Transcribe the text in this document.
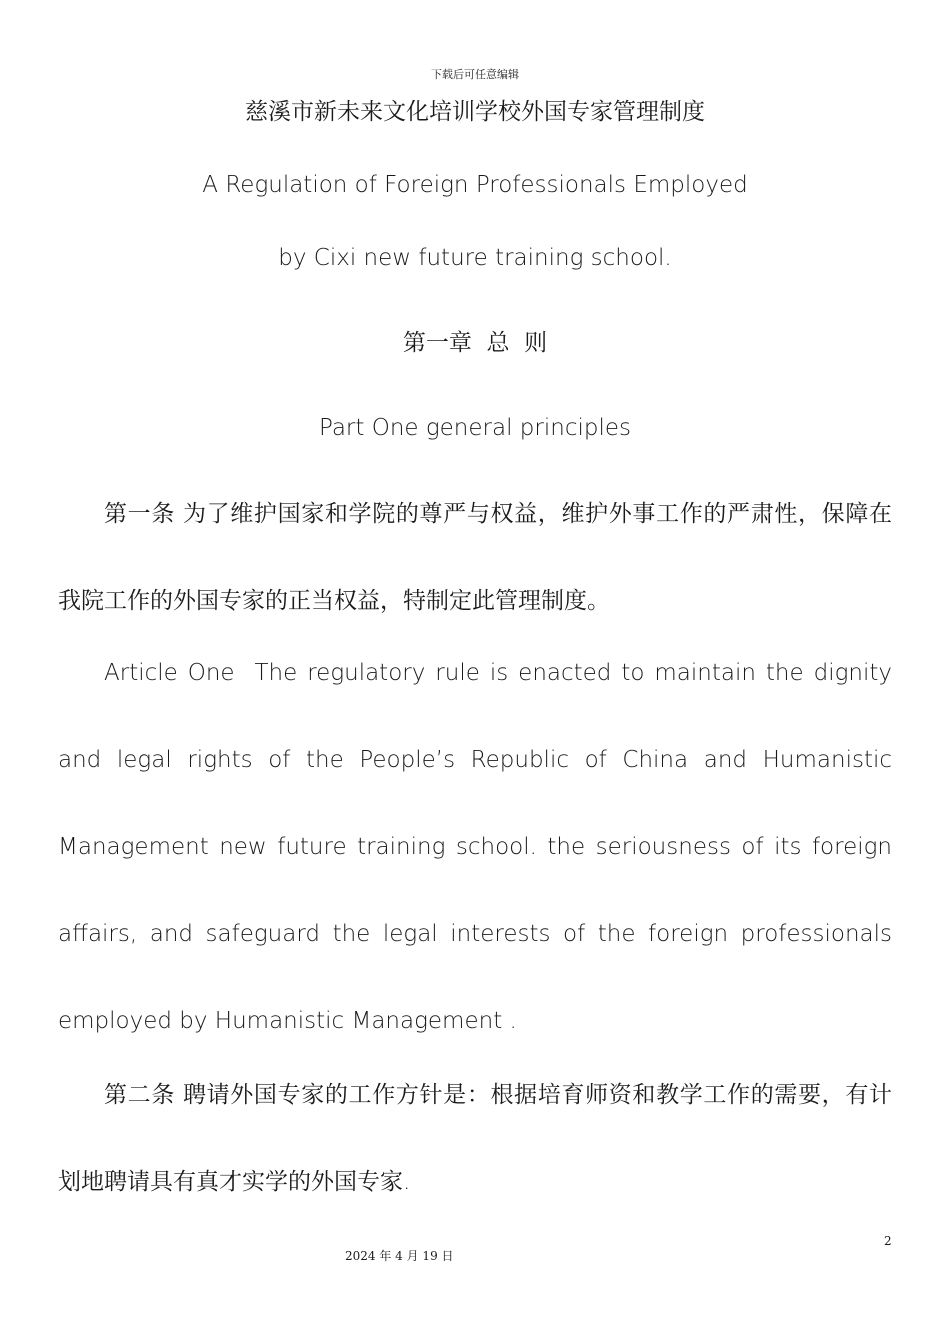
下载后可任意编辑
慈溪市新未来文化培训学校外国专家管理制度
A Regulation of Foreign Professionals Employed
by Cixi new future training school.
第一章  总  则
Part One general principles
第一条 为了维护国家和学院的尊严与权益，维护外事工作的严肃性，保障在我院工作的外国专家的正当权益，特制定此管理制度。
Article One  The regulatory rule is enacted to maintain the dignity and legal rights of the People’s Republic of China and Humanistic Management new future training school. the seriousness of its foreign affairs, and safeguard the legal interests of the foreign professionals employed by Humanistic Management .
第二条 聘请外国专家的工作方针是：根据培育师资和教学工作的需要，有计划地聘请具有真才实学的外国专家.
2
2024 年 4 月 19 日
